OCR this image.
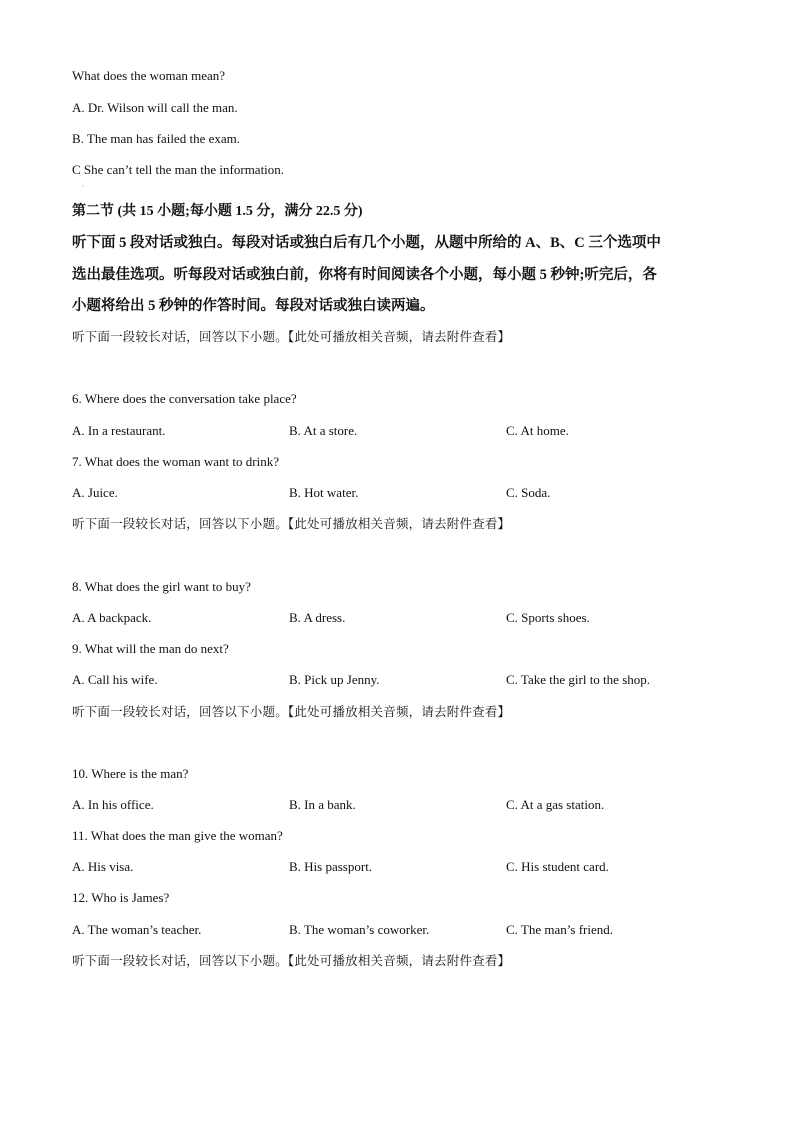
What does the woman mean?
A. Dr. Wilson will call the man.
B. The man has failed the exam.
C She can’t tell the man the information.
·
第二节 (共 15 小题;每小题 1.5 分，满分 22.5 分)
听下面 5 段对话或独白。每段对话或独白后有几个小题，从题中所给的 A、B、C 三个选项中
选出最佳选项。听每段对话或独白前，你将有时间阅读各个小题，每小题 5 秒钟;听完后，各
小题将给出 5 秒钟的作答时间。每段对话或独白读两遍。
听下面一段较长对话，回答以下小题。【此处可播放相关音频，请去附件查看】
6. Where does the conversation take place?
A. In a restaurant.	B. At a store.	C. At home.
7. What does the woman want to drink?
A. Juice.	B. Hot water.	C. Soda.
听下面一段较长对话，回答以下小题。【此处可播放相关音频，请去附件查看】
8. What does the girl want to buy?
A. A backpack.	B. A dress.	C. Sports shoes.
9. What will the man do next?
A. Call his wife.	B. Pick up Jenny.	C. Take the girl to the shop.
听下面一段较长对话，回答以下小题。【此处可播放相关音频，请去附件查看】
10. Where is the man?
A. In his office.	B. In a bank.	C. At a gas station.
11. What does the man give the woman?
A. His visa.	B. His passport.	C. His student card.
12. Who is James?
A. The woman’s teacher.	B. The woman’s coworker.	C. The man’s friend.
听下面一段较长对话，回答以下小题。【此处可播放相关音频，请去附件查看】
